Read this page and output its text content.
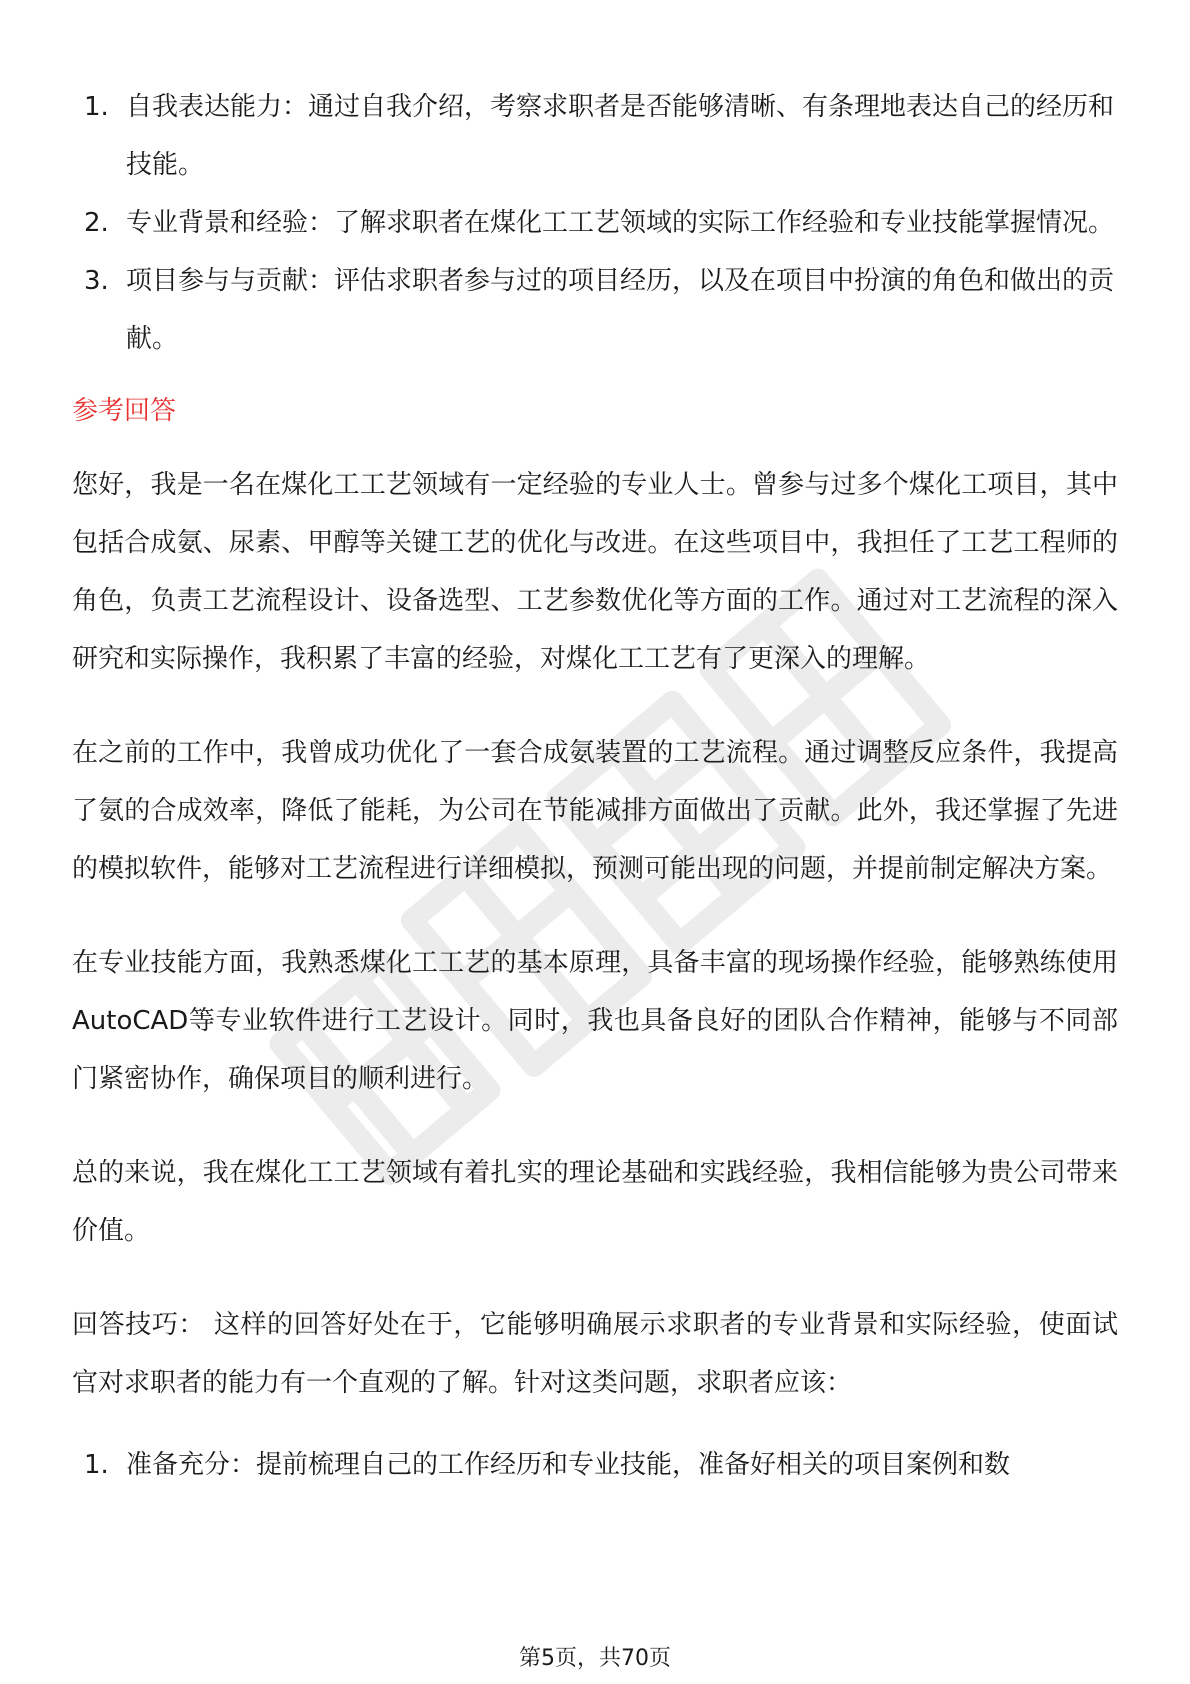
1. 自我表达能力：通过自我介绍，考察求职者是否能够清晰、有条理地表达自己的经历和技能。
2. 专业背景和经验：了解求职者在煤化工工艺领域的实际工作经验和专业技能掌握情况。
3. 项目参与与贡献：评估求职者参与过的项目经历，以及在项目中扮演的角色和做出的贡献。
参考回答

您好，我是一名在煤化工工艺领域有一定经验的专业人士。曾参与过多个煤化工项目，其中包括合成氨、尿素、甲醇等关键工艺的优化与改进。在这些项目中，我担任了工艺工程师的角色，负责工艺流程设计、设备选型、工艺参数优化等方面的工作。通过对工艺流程的深入研究和实际操作，我积累了丰富的经验，对煤化工工艺有了更深入的理解。

在之前的工作中，我曾成功优化了一套合成氨装置的工艺流程。通过调整反应条件，我提高了氨的合成效率，降低了能耗，为公司在节能减排方面做出了贡献。此外，我还掌握了先进的模拟软件，能够对工艺流程进行详细模拟，预测可能出现的问题，并提前制定解决方案。

在专业技能方面，我熟悉煤化工工艺的基本原理，具备丰富的现场操作经验，能够熟练使用AutoCAD等专业软件进行工艺设计。同时，我也具备良好的团队合作精神，能够与不同部门紧密协作，确保项目的顺利进行。

总的来说，我在煤化工工艺领域有着扎实的理论基础和实践经验，我相信能够为贵公司带来价值。

回答技巧： 这样的回答好处在于，它能够明确展示求职者的专业背景和实际经验，使面试官对求职者的能力有一个直观的了解。针对这类问题，求职者应该：

1. 准备充分：提前梳理自己的工作经历和专业技能，准备好相关的项目案例和数
第5页，共70页
